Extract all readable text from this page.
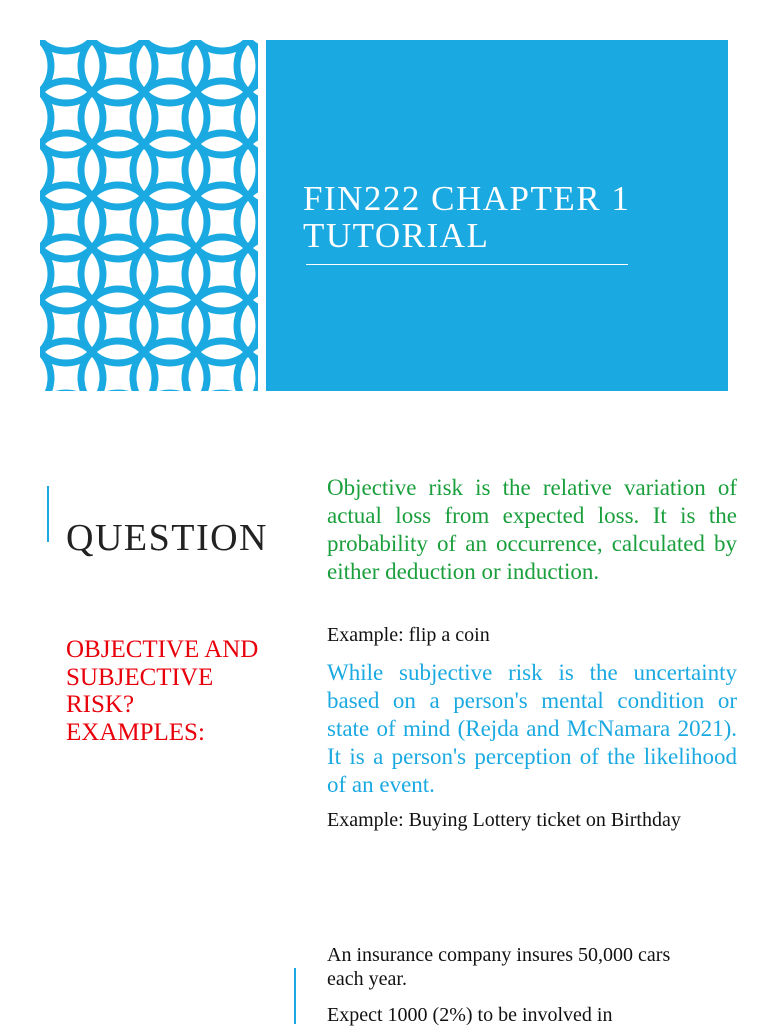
FIN222 CHAPTER 1 TUTORIAL
QUESTION
OBJECTIVE AND SUBJECTIVE RISK? EXAMPLES:
Objective risk is the relative variation of actual loss from expected loss. It is the probability of an occurrence, calculated by either deduction or induction.
Example: flip a coin
While subjective risk is the uncertainty based on a person's mental condition or state of mind (Rejda and McNamara 2021). It is a person's perception of the likelihood of an event.
Example: Buying Lottery ticket on Birthday
An insurance company insures 50,000 cars each year.
Expect 1000 (2%) to be involved in
